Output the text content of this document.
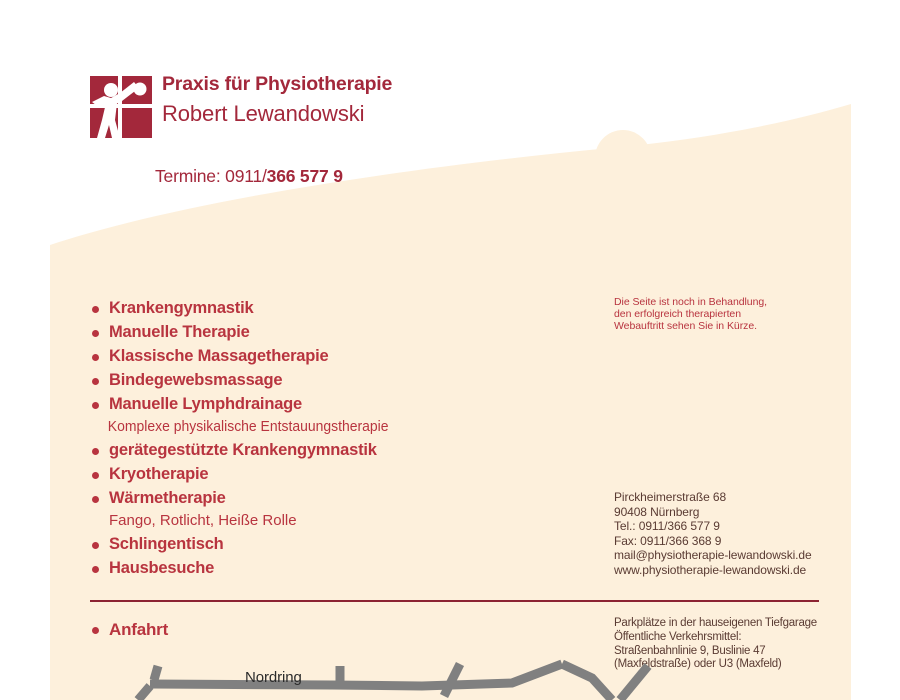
Praxis für Physiotherapie
Robert Lewandowski
Termine: 0911/366 577 9
Krankengymnastik
Manuelle Therapie
Klassische Massagetherapie
Bindegewebsmassage
Manuelle Lymphdrainage
Komplexe physikalische Entstauungstherapie
gerätegestützte Krankengymnastik
Kryotherapie
Wärmetherapie
Fango, Rotlicht, Heiße Rolle
Schlingentisch
Hausbesuche
Die Seite ist noch in Behandlung,
den erfolgreich therapierten
Webauftritt sehen Sie in Kürze.
Pirckheimerstraße 68
90408 Nürnberg
Tel.: 0911/366 577 9
Fax: 0911/366 368 9
mail@physiotherapie-lewandowski.de
www.physiotherapie-lewandowski.de
Anfahrt	Parkplätze in der hauseigenen Tiefgarage
Öffentliche Verkehrsmittel:
Straßenbahnlinie 9, Buslinie 47
(Maxfeldstraße) oder U3 (Maxfeld)
Nordring
